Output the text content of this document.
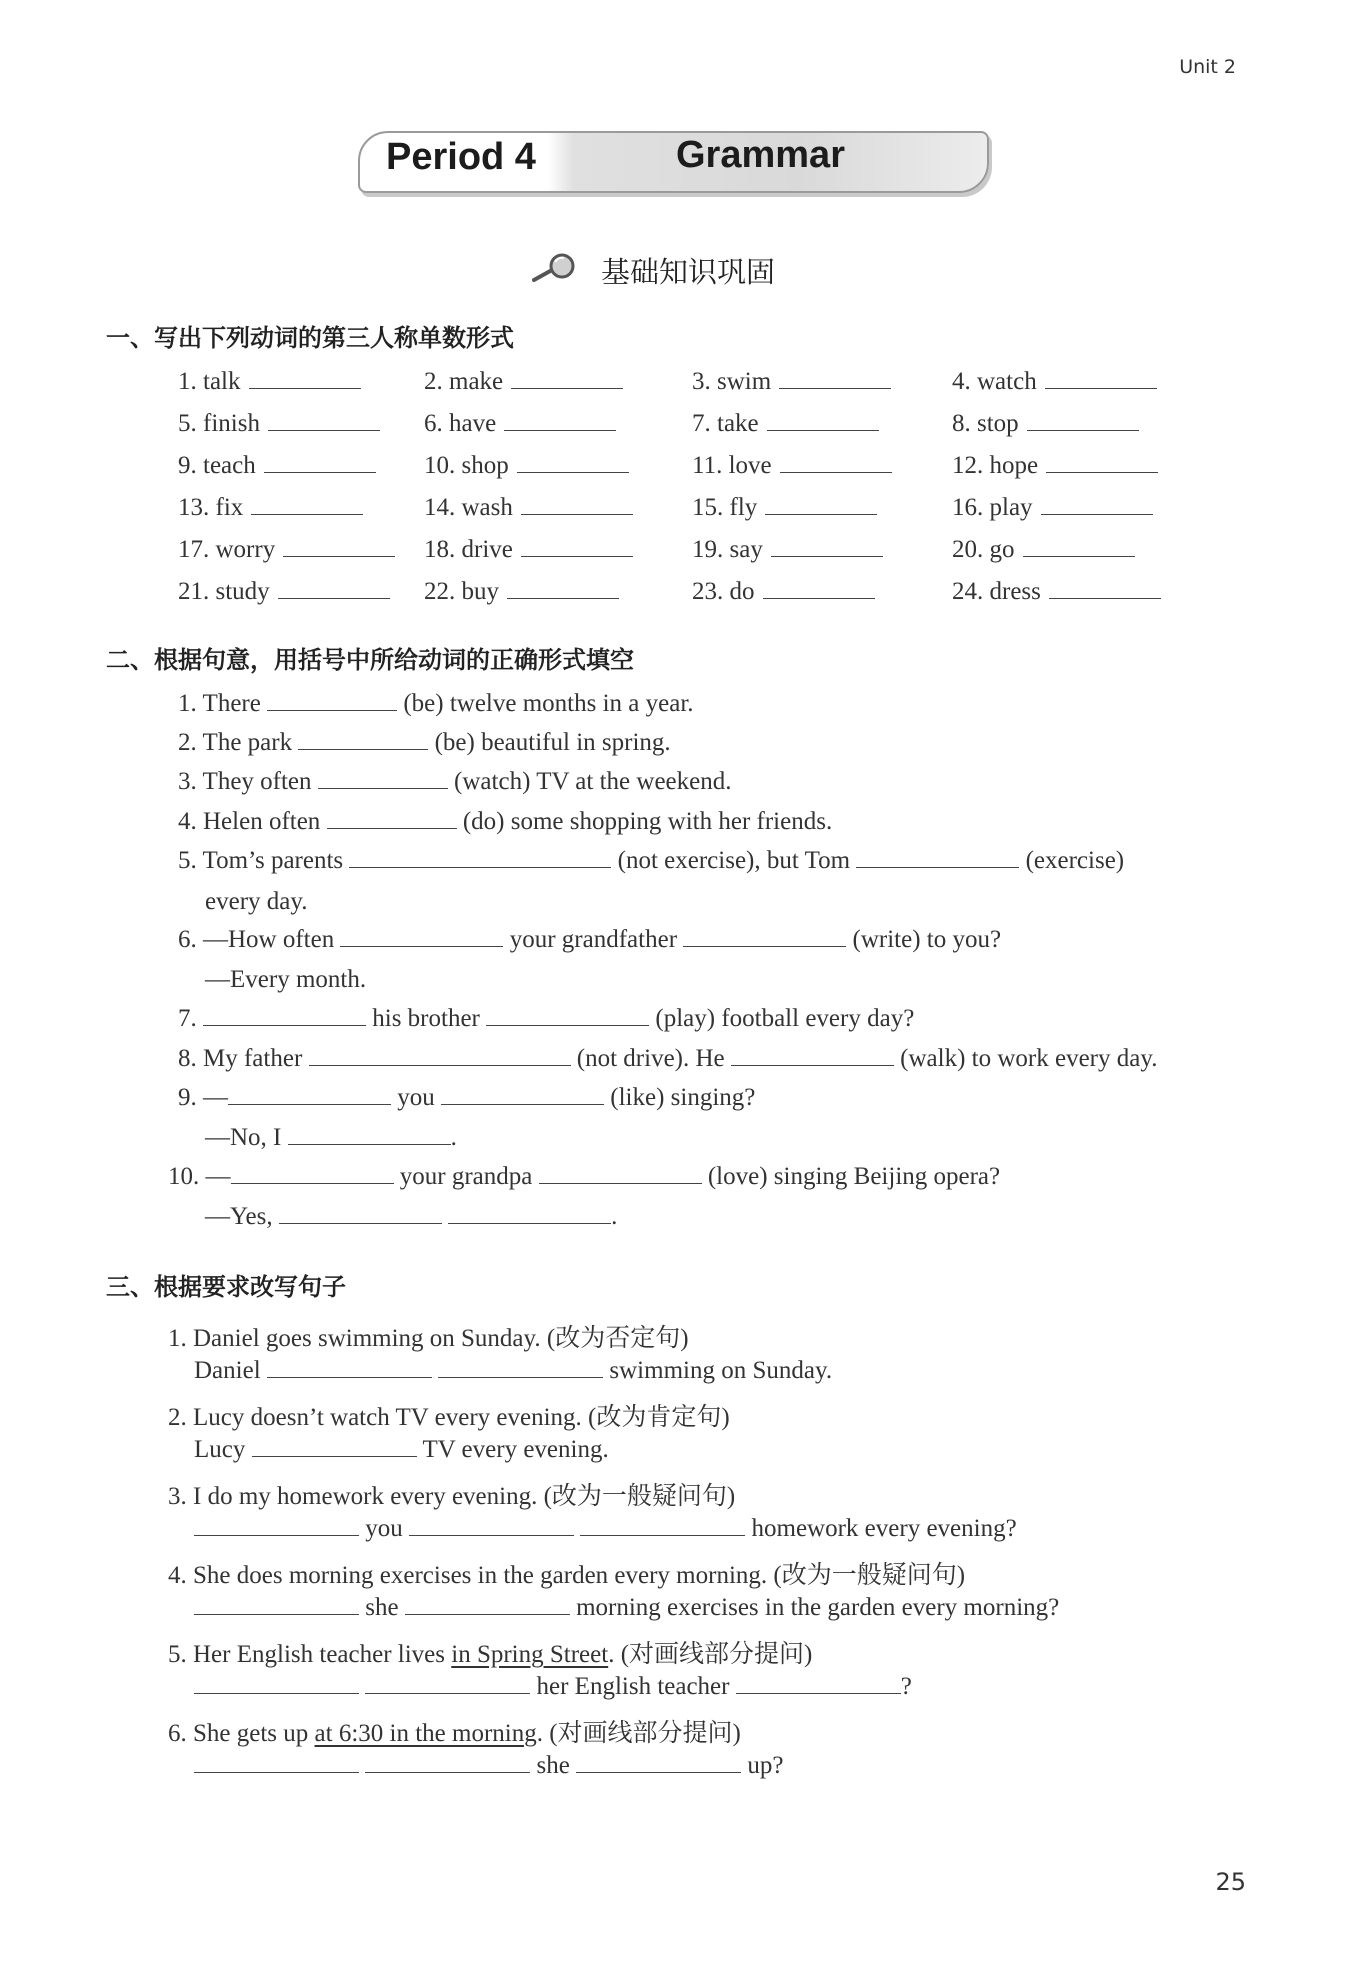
Unit 2
Period 4	Grammar
基础知识巩固
一、写出下列动词的第三人称单数形式
1. talk	2. make	3. swim	4. watch
5. finish	6. have	7. take	8. stop
9. teach	10. shop	11. love	12. hope
13. fix	14. wash	15. fly	16. play
17. worry	18. drive	19. say	20. go
21. study	22. buy	23. do	24. dress
二、根据句意，用括号中所给动词的正确形式填空
1. There	(be) twelve months in a year.
2. The park	(be) beautiful in spring.
3. They often	(watch) TV at the weekend.
4. Helen often	(do) some shopping with her friends.
5. Tom’s parents	(not exercise), but Tom	(exercise)
every day.
6. —How often	your grandfather	(write) to you?
—Every month.
7.	his brother	(play) football every day?
8. My father	(not drive). He	(walk) to work every day.
9. —	you	(like) singing?
—No, I	.
10. —	your grandpa	(love) singing Beijing opera?
—Yes,	.
三、根据要求改写句子
1. Daniel goes swimming on Sunday. (改为否定句)
Daniel	swimming on Sunday.
2. Lucy doesn’t watch TV every evening. (改为肯定句)
Lucy	TV every evening.
3. I do my homework every evening. (改为一般疑问句)
you	homework every evening?
4. She does morning exercises in the garden every morning. (改为一般疑问句)
she	morning exercises in the garden every morning?
5. Her English teacher lives in Spring Street. (对画线部分提问)
her English teacher	?
6. She gets up at 6:30 in the morning. (对画线部分提问)
she	up?
25
